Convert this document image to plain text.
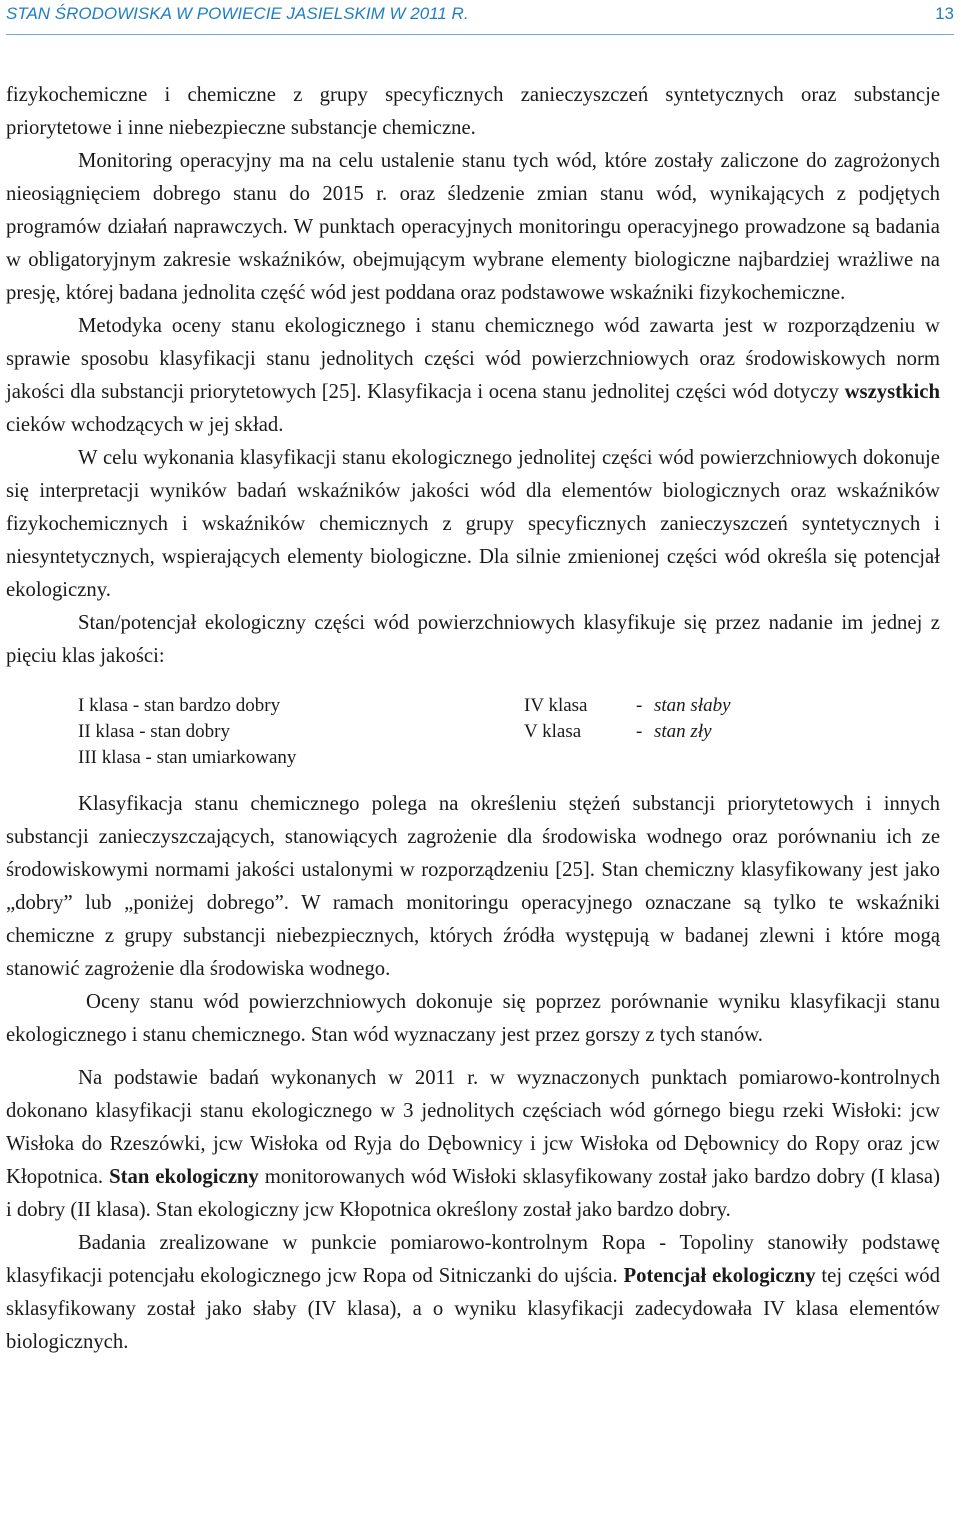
STAN ŚRODOWISKA W POWIECIE JASIELSKIM W 2011 R.	13

fizykochemiczne i chemiczne z grupy specyficznych zanieczyszczeń syntetycznych oraz substancje priorytetowe i inne niebezpieczne substancje chemiczne.

Monitoring operacyjny ma na celu ustalenie stanu tych wód, które zostały zaliczone do zagrożonych nieosiągnięciem dobrego stanu do 2015 r. oraz śledzenie zmian stanu wód, wynikających z podjętych programów działań naprawczych. W punktach operacyjnych monitoringu operacyjnego prowadzone są badania w obligatoryjnym zakresie wskaźników, obejmującym wybrane elementy biologiczne najbardziej wrażliwe na presję, której badana jednolita część wód jest poddana oraz podstawowe wskaźniki fizykochemiczne.

Metodyka oceny stanu ekologicznego i stanu chemicznego wód zawarta jest w rozporządzeniu w sprawie sposobu klasyfikacji stanu jednolitych części wód powierzchniowych oraz środowiskowych norm jakości dla substancji priorytetowych [25]. Klasyfikacja i ocena stanu jednolitej części wód dotyczy wszystkich cieków wchodzących w jej skład.

W celu wykonania klasyfikacji stanu ekologicznego jednolitej części wód powierzchniowych dokonuje się interpretacji wyników badań wskaźników jakości wód dla elementów biologicznych oraz wskaźników fizykochemicznych i wskaźników chemicznych z grupy specyficznych zanieczyszczeń syntetycznych i niesyntetycznych, wspierających elementy biologiczne. Dla silnie zmienionej części wód określa się potencjał ekologiczny.

Stan/potencjał ekologiczny części wód powierzchniowych klasyfikuje się przez nadanie im jednej z pięciu klas jakości:

I klasa - stan bardzo dobry
II klasa - stan dobry
III klasa - stan umiarkowany
IV klasa	- stan słaby
V klasa	- stan zły

Klasyfikacja stanu chemicznego polega na określeniu stężeń substancji priorytetowych i innych substancji zanieczyszczających, stanowiących zagrożenie dla środowiska wodnego oraz porównaniu ich ze środowiskowymi normami jakości ustalonymi w rozporządzeniu [25]. Stan chemiczny klasyfikowany jest jako „dobry” lub „poniżej dobrego”. W ramach monitoringu operacyjnego oznaczane są tylko te wskaźniki chemiczne z grupy substancji niebezpiecznych, których źródła występują w badanej zlewni i które mogą stanowić zagrożenie dla środowiska wodnego.

Oceny stanu wód powierzchniowych dokonuje się poprzez porównanie wyniku klasyfikacji stanu ekologicznego i stanu chemicznego. Stan wód wyznaczany jest przez gorszy z tych stanów.

Na podstawie badań wykonanych w 2011 r. w wyznaczonych punktach pomiarowo-kontrolnych dokonano klasyfikacji stanu ekologicznego w 3 jednolitych częściach wód górnego biegu rzeki Wisłoki: jcw Wisłoka do Rzeszówki, jcw Wisłoka od Ryja do Dębownicy i jcw Wisłoka od Dębownicy do Ropy oraz jcw Kłopotnica. Stan ekologiczny monitorowanych wód Wisłoki sklasyfikowany został jako bardzo dobry (I klasa) i dobry (II klasa). Stan ekologiczny jcw Kłopotnica określony został jako bardzo dobry.

Badania zrealizowane w punkcie pomiarowo-kontrolnym Ropa - Topoliny stanowiły podstawę klasyfikacji potencjału ekologicznego jcw Ropa od Sitniczanki do ujścia. Potencjał ekologiczny tej części wód sklasyfikowany został jako słaby (IV klasa), a o wyniku klasyfikacji zadecydowała IV klasa elementów biologicznych.
